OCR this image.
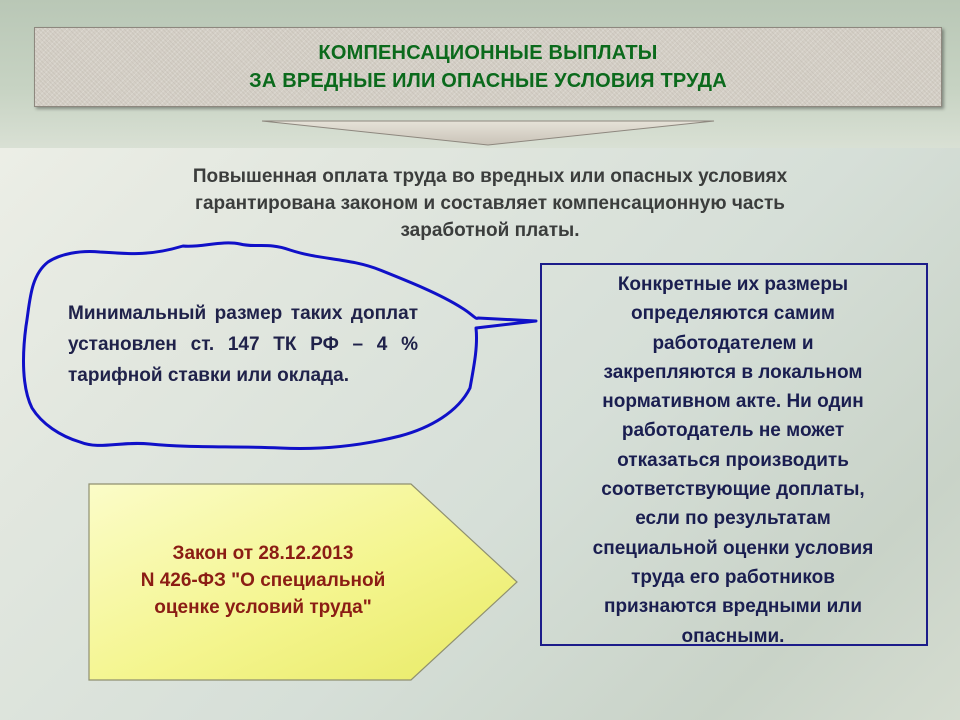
КОМПЕНСАЦИОННЫЕ ВЫПЛАТЫ
ЗА ВРЕДНЫЕ ИЛИ ОПАСНЫЕ УСЛОВИЯ ТРУДА
Повышенная оплата труда во вредных или опасных условиях
гарантирована законом и составляет компенсационную часть
заработной платы.
Минимальный размер таких доплат установлен ст. 147 ТК РФ – 4 % тарифной ставки или оклада.
Конкретные их размеры
определяются самим
работодателем и
закрепляются в локальном
нормативном акте. Ни один
работодатель не может
отказаться производить
соответствующие доплаты,
если по результатам
специальной оценки условия
труда его работников
признаются вредными или
опасными.
Закон от 28.12.2013
N 426-ФЗ "О специальной
оценке условий труда"
